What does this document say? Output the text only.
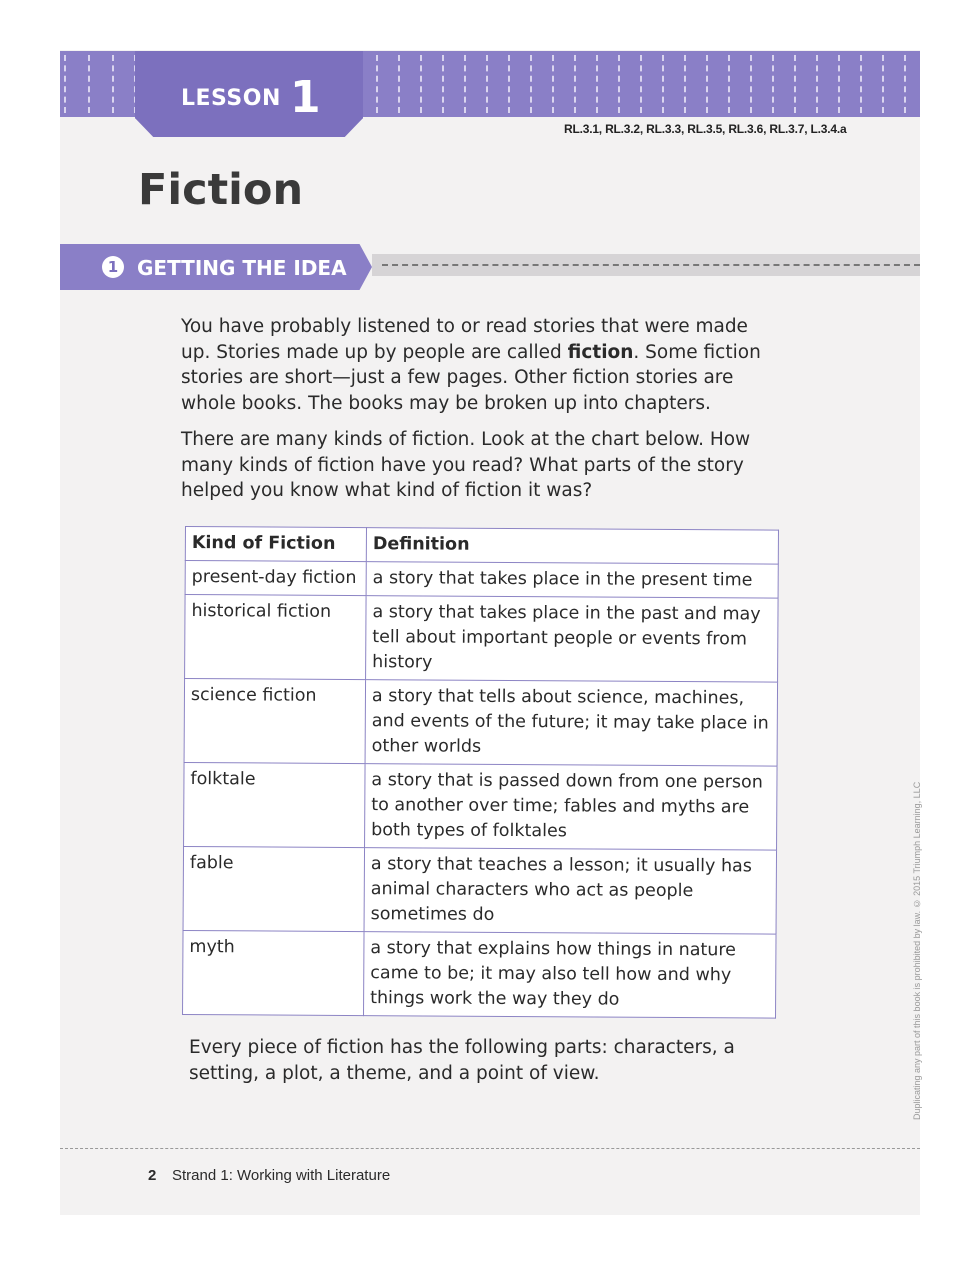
LESSON 1
RL.3.1, RL.3.2, RL.3.3, RL.3.5, RL.3.6, RL.3.7, L.3.4.a
Fiction
1 GETTING THE IDEA
You have probably listened to or read stories that were made up. Stories made up by people are called fiction. Some fiction stories are short—just a few pages. Other fiction stories are whole books. The books may be broken up into chapters.
There are many kinds of fiction. Look at the chart below. How many kinds of fiction have you read? What parts of the story helped you know what kind of fiction it was?
Kind of Fiction	Definition
present-day fiction	a story that takes place in the present time
historical fiction	a story that takes place in the past and may tell about important people or events from history
science fiction	a story that tells about science, machines, and events of the future; it may take place in other worlds
folktale	a story that is passed down from one person to another over time; fables and myths are both types of folktales
fable	a story that teaches a lesson; it usually has animal characters who act as people sometimes do
myth	a story that explains how things in nature came to be; it may also tell how and why things work the way they do
Every piece of fiction has the following parts: characters, a setting, a plot, a theme, and a point of view.	Duplicating any part of this book is prohibited by law. © 2015 Triumph Learning, LLC
2 Strand 1: Working with Literature
